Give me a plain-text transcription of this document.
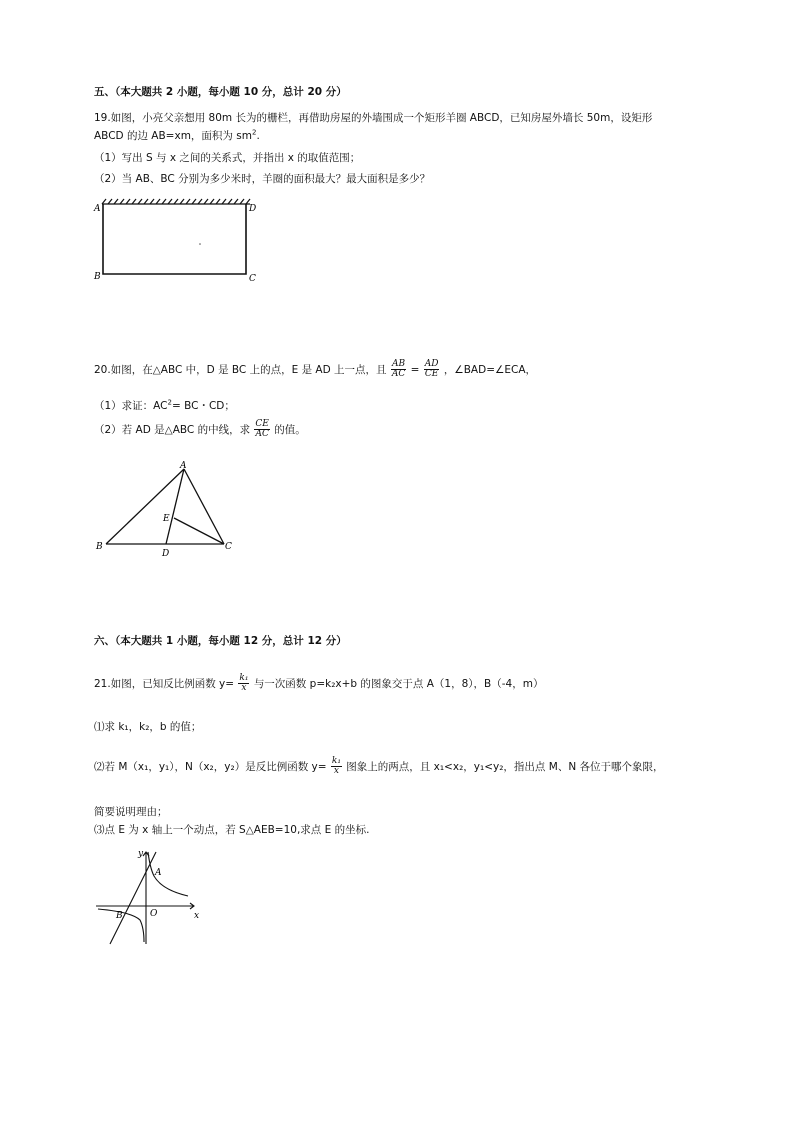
五、（本大题共 2 小题，每小题 10 分，总计 20 分）
19.如图，小亮父亲想用 80m 长为的栅栏，再借助房屋的外墙围成一个矩形羊圈 ABCD，已知房屋外墙长 50m，设矩形
ABCD 的边 AB=xm，面积为 $sm^2$.
（1）写出 S 与 x 之间的关系式，并指出 x 的取值范围；
（2）当 AB、BC 分别为多少米时，羊圈的面积最大？最大面积是多少？
A	D
B	C
20.如图，在△ABC 中，D 是 BC 上的点，E 是 AD 上一点，且 $\frac{AB}{AC} = \frac{AD}{CE}$ ，∠BAD=∠ECA，
（1）求证：$AC^2=$ BC・CD；
（2）若 AD 是△ABC 的中线，求 $\frac{CE}{AC}$ 的值。
A
B	C
D
E
六、（本大题共 1 小题，每小题 12 分，总计 12 分）
21.如图，已知反比例函数 $y= \frac{\text{k₁}}{x}$ 与一次函数 p=k₂x+b 的图象交于点 A（1，8），B（-4，m）
⑴求 k₁，k₂，b 的值；
⑵若 M（x₁，y₁），N（x₂，y₂）是反比例函数 $y= \frac{\text{k₁}}{x}$ 图象上的两点，且 x₁<x₂，y₁<y₂，指出点 M、N 各位于哪个象限，
简要说明理由；
⑶点 E 为 x 轴上一个动点，若 S△AEB=10,求点 E 的坐标.
y
x
O
A
B
